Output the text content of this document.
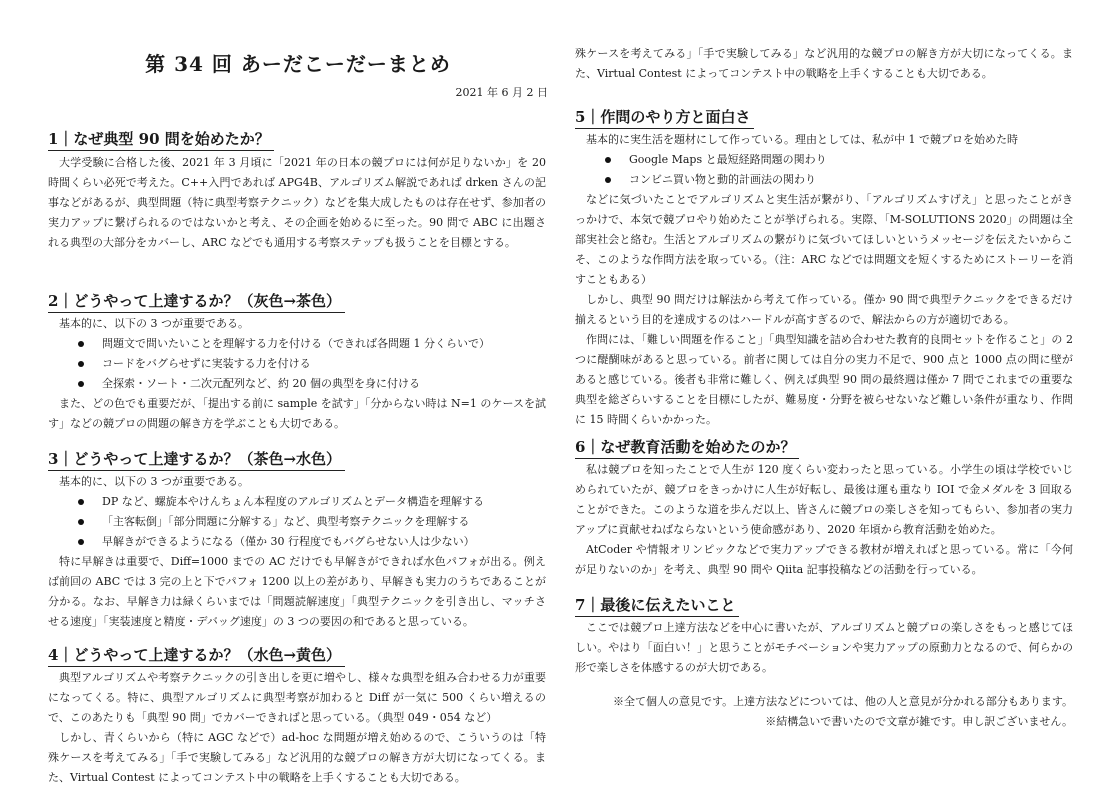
第 34 回 あーだこーだーまとめ
2021 年 6 月 2 日
1｜なぜ典型 90 問を始めたか？

大学受験に合格した後、2021 年 3 月頃に「2021 年の日本の競プロには何が足りないか」を 20 時間くらい必死で考えた。C++入門であれば APG4B、アルゴリズム解説であれば drken さんの記事などがあるが、典型問題（特に典型考察テクニック）などを集大成したものは存在せず、参加者の実力アップに繋げられるのではないかと考え、その企画を始めるに至った。90 問で ABC に出題される典型の大部分をカバーし、ARC などでも通用する考察ステップも扱うことを目標とする。

2｜どうやって上達するか？（灰色→茶色）

基本的に、以下の 3 つが重要である。

問題文で問いたいことを理解する力を付ける（できれば各問題 1 分くらいで）
コードをバグらせずに実装する力を付ける
全探索・ソート・二次元配列など、約 20 個の典型を身に付ける

また、どの色でも重要だが、「提出する前に sample を試す」「分からない時は N=1 のケースを試す」などの競プロの問題の解き方を学ぶことも大切である。

3｜どうやって上達するか？（茶色→水色）

基本的に、以下の 3 つが重要である。

DP など、螺旋本やけんちょん本程度のアルゴリズムとデータ構造を理解する
「主客転倒」「部分問題に分解する」など、典型考察テクニックを理解する
早解きができるようになる（僅か 30 行程度でもバグらせない人は少ない）

特に早解きは重要で、Diff=1000 までの AC だけでも早解きができれば水色パフォが出る。例えば前回の ABC では 3 完の上と下でパフォ 1200 以上の差があり、早解きも実力のうちであることが分かる。なお、早解き力は緑くらいまでは「問題読解速度」「典型テクニックを引き出し、マッチさせる速度」「実装速度と精度・デバッグ速度」の 3 つの要因の和であると思っている。

4｜どうやって上達するか？（水色→黄色）

典型アルゴリズムや考察テクニックの引き出しを更に増やし、様々な典型を組み合わせる力が重要になってくる。特に、典型アルゴリズムに典型考察が加わると Diff が一気に 500 くらい増えるので、このあたりも「典型 90 問」でカバーできればと思っている。（典型 049・054 など）

しかし、青くらいから（特に AGC などで）ad-hoc な問題が増え始めるので、こういうのは「特殊ケースを考えてみる」「手で実験してみる」など汎用的な競プロの解き方が大切になってくる。また、Virtual Contest によってコンテスト中の戦略を上手くすることも大切である。

殊ケースを考えてみる」「手で実験してみる」など汎用的な競プロの解き方が大切になってくる。また、Virtual Contest によってコンテスト中の戦略を上手くすることも大切である。

5｜作問のやり方と面白さ

基本的に実生活を題材にして作っている。理由としては、私が中 1 で競プロを始めた時

Google Maps と最短経路問題の関わり
コンビニ買い物と動的計画法の関わり

などに気づいたことでアルゴリズムと実生活が繋がり、「アルゴリズムすげえ」と思ったことがきっかけで、本気で競プロやり始めたことが挙げられる。実際、「M-SOLUTIONS 2020」の問題は全部実社会と絡む。生活とアルゴリズムの繋がりに気づいてほしいというメッセージを伝えたいからこそ、このような作問方法を取っている。（注：ARC などでは問題文を短くするためにストーリーを消すこともある）

しかし、典型 90 問だけは解法から考えて作っている。僅か 90 問で典型テクニックをできるだけ揃えるという目的を達成するのはハードルが高すぎるので、解法からの方が適切である。

作問には、「難しい問題を作ること」「典型知識を詰め合わせた教育的良問セットを作ること」の 2 つに醍醐味があると思っている。前者に関しては自分の実力不足で、900 点と 1000 点の問に壁があると感じている。後者も非常に難しく、例えば典型 90 問の最終週は僅か 7 問でこれまでの重要な典型を総ざらいすることを目標にしたが、難易度・分野を被らせないなど難しい条件が重なり、作問に 15 時間くらいかかった。

6｜なぜ教育活動を始めたのか？

私は競プロを知ったことで人生が 120 度くらい変わったと思っている。小学生の頃は学校でいじめられていたが、競プロをきっかけに人生が好転し、最後は運も重なり IOI で金メダルを 3 回取ることができた。このような道を歩んだ以上、皆さんに競プロの楽しさを知ってもらい、参加者の実力アップに貢献せねばならないという使命感があり、2020 年頃から教育活動を始めた。

AtCoder や情報オリンピックなどで実力アップできる教材が増えればと思っている。常に「今何が足りないのか」を考え、典型 90 問や Qiita 記事投稿などの活動を行っている。

7｜最後に伝えたいこと

ここでは競プロ上達方法などを中心に書いたが、アルゴリズムと競プロの楽しさをもっと感じてほしい。やはり「面白い！」と思うことがモチベーションや実力アップの原動力となるので、何らかの形で楽しさを体感するのが大切である。

※全て個人の意見です。上達方法などについては、他の人と意見が分かれる部分もあります。

※結構急いで書いたので文章が雑です。申し訳ございません。
